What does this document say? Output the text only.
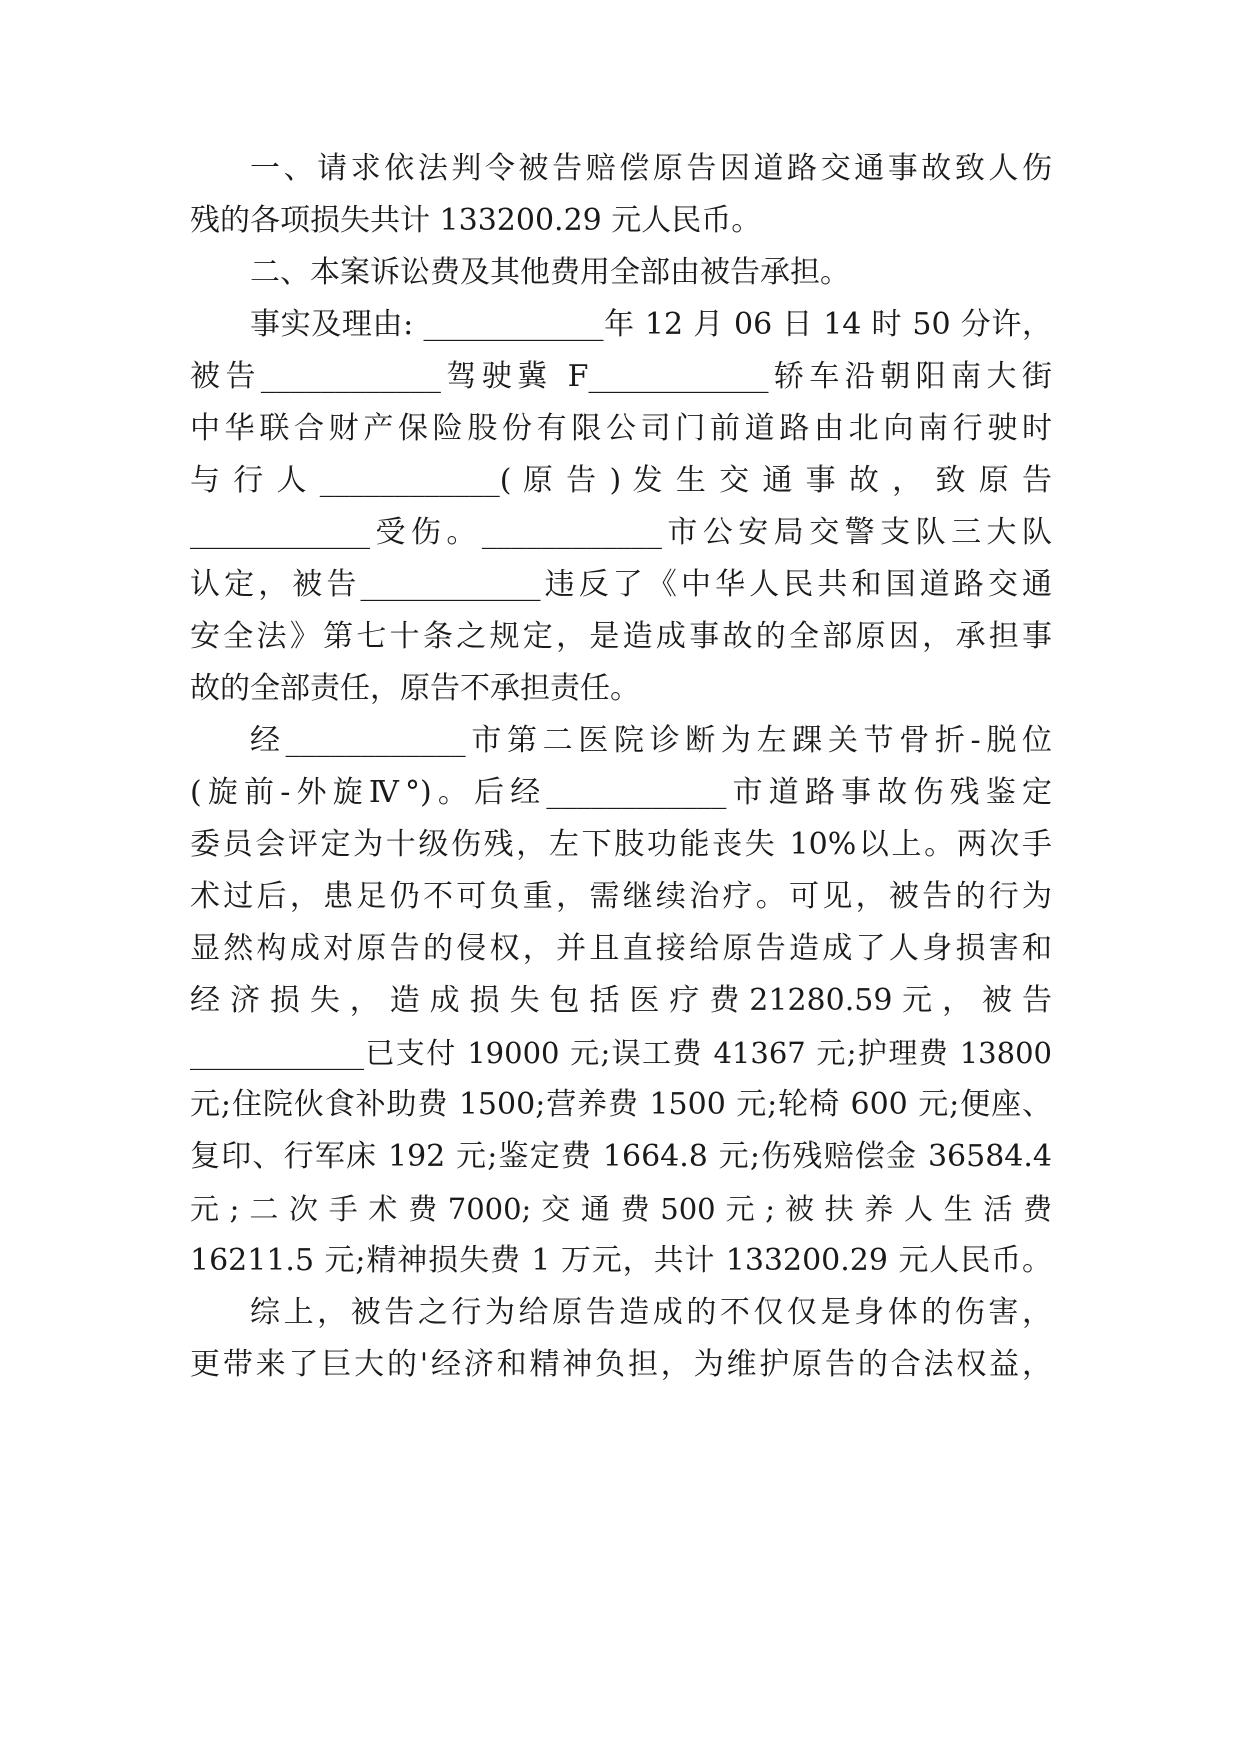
一、请求依法判令被告赔偿原告因道路交通事故致人伤
残的各项损失共计 133200.29 元人民币。
二、本案诉讼费及其他费用全部由被告承担。
事实及理由: ____________年 12 月 06 日 14 时 50 分许，
被告____________驾驶冀 F____________轿车沿朝阳南大街
中华联合财产保险股份有限公司门前道路由北向南行驶时
与 行 人 ____________( 原 告 ) 发 生 交 通 事 故 ， 致 原 告
____________受伤。____________市公安局交警支队三大队
认定，被告____________违反了《中华人民共和国道路交通
安全法》第七十条之规定，是造成事故的全部原因，承担事
故的全部责任，原告不承担责任。
经____________市第二医院诊断为左踝关节骨折-脱位
(旋前-外旋Ⅳ°)。后经____________市道路事故伤残鉴定
委员会评定为十级伤残，左下肢功能丧失 10%以上。两次手
术过后，患足仍不可负重，需继续治疗。可见，被告的行为
显然构成对原告的侵权，并且直接给原告造成了人身损害和
经 济 损 失 ， 造 成 损 失 包 括 医 疗 费 21280.59 元 ， 被 告
____________已支付 19000 元;误工费 41367 元;护理费 13800
元;住院伙食补助费 1500;营养费 1500 元;轮椅 600 元;便座、
复印、行军床 192 元;鉴定费 1664.8 元;伤残赔偿金 36584.4
元 ; 二 次 手 术 费 7000; 交 通 费 500 元 ; 被 扶 养 人 生 活 费
16211.5 元;精神损失费 1 万元，共计 133200.29 元人民币。
综上，被告之行为给原告造成的不仅仅是身体的伤害，
更带来了巨大的'经济和精神负担，为维护原告的合法权益，
